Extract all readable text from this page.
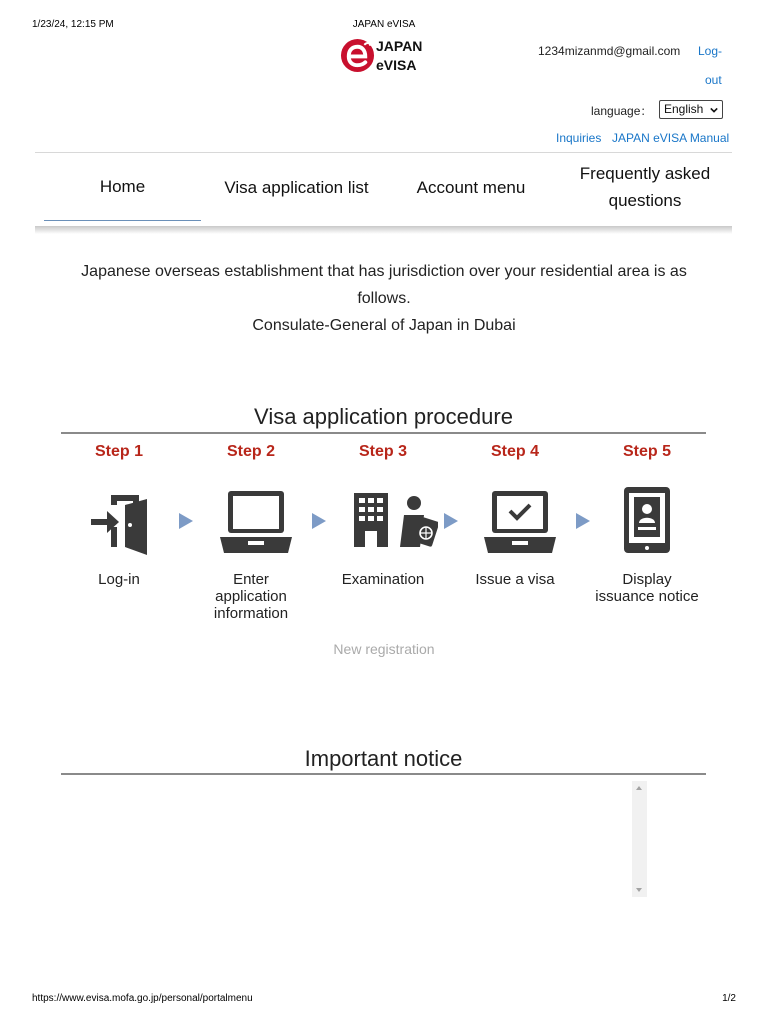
1/23/24, 12:15 PM	JAPAN eVISA
JAPAN
eVISA
1234mizanmd@gmail.com Log-
out
language： English
Inquiries JAPAN eVISA Manual
Home	Visa application list	Account menu
Frequently asked
questions
Japanese overseas establishment that has jurisdiction over your residential area is as
follows.
Consulate-General of Japan in Dubai
Visa application procedure
Step 1
Log-in
Step 2
Enter application information
Step 3
Examination
Step 4
Issue a visa
Step 5
Display issuance notice
New registration
Important notice
https://www.evisa.mofa.go.jp/personal/portalmenu	1/2
